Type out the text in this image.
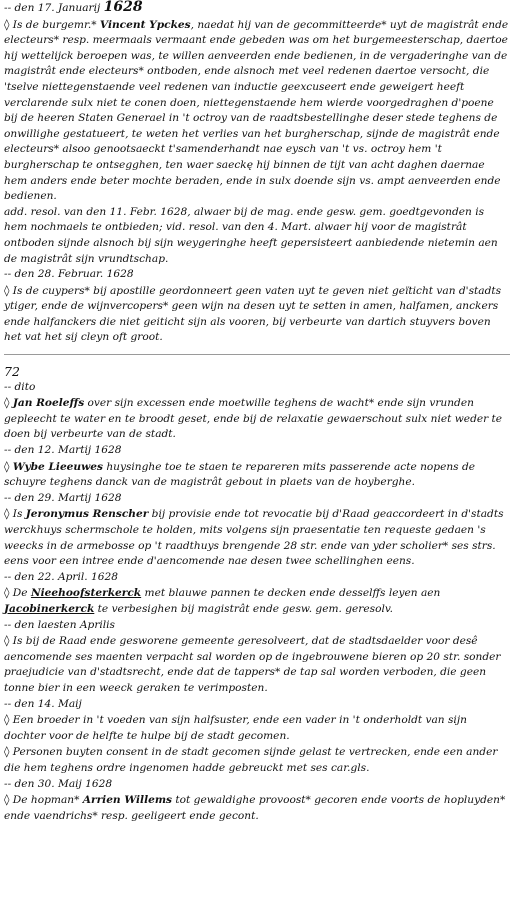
-- den 17. Januarij 1628
◊ Is de burgemr.* Vincent Ypckes, naedat hij van de gecommitteerde* uyt de magistrât ende electeurs* resp. meermaals vermaant ende gebeden was om het burgemeesterschap, daertoe hij wettelijck beroepen was, te willen aenveerden ende bedienen, in de vergaderinghe van de magistrât ende electeurs* ontboden, ende alsnoch met veel redenen daertoe versocht, die 'tselve niettegenstaende veel redenen van inductie geexcuseert ende geweigert heeft verclarende sulx niet te conen doen, niettegenstaende hem wierde voorgedraghen d'poene bij de heeren Staten Generael in 't octroy van de raadtsbestellinghe deser stede teghens de onwillighe gestatueert, te weten het verlies van het burgherschap, sijnde de magistrât ende electeurs* alsoo genootsaeckt t'samenderhandt nae eysch van 't vs. octroy hem 't burgherschap te ontsegghen, ten waer saeckę hij binnen de tijt van acht daghen daernae hem anders ende beter mochte beraden, ende in sulx doende sijn vs. ampt aenveerden ende bedienen.
add. resol. van den 11. Febr. 1628, alwaer bij de mag. ende gesw. gem. goedtgevonden is hem nochmaels te ontbieden; vid. resol. van den 4. Mart. alwaer hij voor de magistrât ontboden sijnde alsnoch bij sijn weygeringhe heeft gepersisteert aanbiedende nietemin aen de magistrât sijn vrundtschap.
-- den 28. Februar. 1628
◊ Is de cuypers* bij apostille geordonneert geen vaten uyt te geven niet geïticht van d'stadts ytiger, ende de wijnvercopers* geen wijn na desen uyt te setten in amen, halfamen, anckers ende halfanckers die niet geiticht sijn als vooren, bij verbeurte van dartich stuyvers boven het vat het sij cleyn oft groot.
72
-- dito
◊ Jan Roeleffs over sijn excessen ende moetwille teghens de wacht* ende sijn vrunden gepleecht te water en te broodt geset, ende bij de relaxatie gewaerschout sulx niet weder te doen bij verbeurte van de stadt.
-- den 12. Martij 1628
◊ Wybe Lieeuwes huysinghe toe te staen te repareren mits passerende acte nopens de schuyre teghens danck van de magistrât gebout in plaets van de hoyberghe.
-- den 29. Martij 1628
◊ Is Jeronymus Renscher bij provisie ende tot revocatie bij d'Raad geaccordeert in d'stadts werckhuys schermschole te holden, mits volgens sijn praesentatie ten requeste gedaen 's weecks in de armebosse op 't raadthuys brengende 28 str. ende van yder scholier* ses strs. eens voor een intree ende d'aencomende nae desen twee schellinghen eens.
-- den 22. April. 1628
◊ De Nieehoofsterkerck met blauwe pannen te decken ende desselffs leyen aen Jacobinerkerck te verbesighen bij magistrât ende gesw. gem. geresolv.
-- den laesten Aprilis
◊ Is bij de Raad ende gesworene gemeente geresolveert, dat de stadtsdaelder voor desê aencomende ses maenten verpacht sal worden op de ingebrouwene bieren op 20 str. sonder praejudicie van d'stadtsrecht, ende dat de tappers* de tap sal worden verboden, die geen tonne bier in een weeck geraken te verimposten.
-- den 14. Maij
◊ Een broeder in 't voeden van sijn halfsuster, ende een vader in 't onderholdt van sijn dochter voor de helfte te hulpe bij de stadt gecomen.
◊ Personen buyten consent in de stadt gecomen sijnde gelast te vertrecken, ende een ander die hem teghens ordre ingenomen hadde gebreuckt met ses car.gls.
-- den 30. Maij 1628
◊ De hopman* Arrien Willems tot gewaldighe provoost* gecoren ende voorts de hopluyden* ende vaendrichs* resp. geeligeert ende gecont.
